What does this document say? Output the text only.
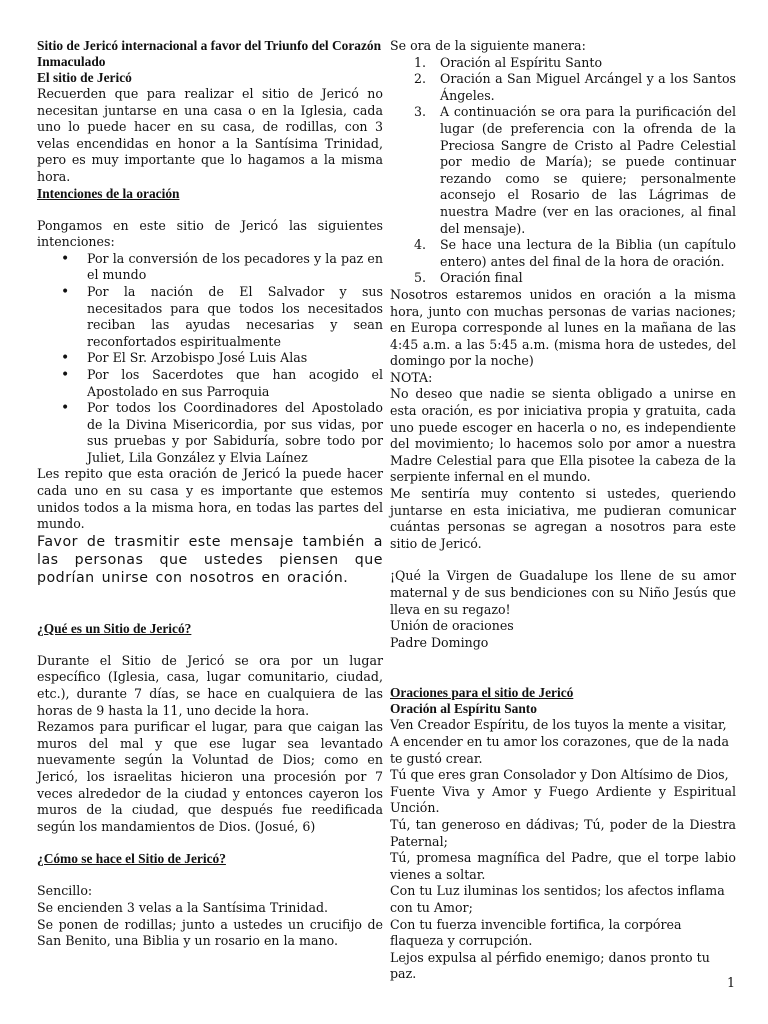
Sitio de Jericó internacional a favor del Triunfo del Corazón Inmaculado

El sitio de Jericó

Recuerden que para realizar el sitio de Jericó no necesitan juntarse en una casa o en la Iglesia, cada uno lo puede hacer en su casa, de rodillas, con 3 velas encendidas en honor a la Santísima Trinidad, pero es muy importante que lo hagamos a la misma hora.

Intenciones de la oración

Pongamos en este sitio de Jericó las siguientes intenciones:

• Por la conversión de los pecadores y la paz en el mundo
• Por la nación de El Salvador y sus necesitados para que todos los necesitados reciban las ayudas necesarias y sean reconfortados espiritualmente
• Por El Sr. Arzobispo José Luis Alas
• Por los Sacerdotes que han acogido el Apostolado en sus Parroquia
• Por todos los Coordinadores del Apostolado de la Divina Misericordia, por sus vidas, por sus pruebas y por Sabiduría, sobre todo por Juliet, Lila González y Elvia Laínez

Les repito que esta oración de Jericó la puede hacer cada uno en su casa y es importante que estemos unidos todos a la misma hora, en todas las partes del mundo.

Favor de trasmitir este mensaje también a las personas que ustedes piensen que podrían unirse con nosotros en oración.

¿Qué es un Sitio de Jericó?

Durante el Sitio de Jericó se ora por un lugar específico (Iglesia, casa, lugar comunitario, ciudad, etc.), durante 7 días, se hace en cualquiera de las horas de 9 hasta la 11, uno decide la hora.

Rezamos para purificar el lugar, para que caigan las muros del mal y que ese lugar sea levantado nuevamente según la Voluntad de Dios; como en Jericó, los israelitas hicieron una procesión por 7 veces alrededor de la ciudad y entonces cayeron los muros de la ciudad, que después fue reedificada según los mandamientos de Dios. (Josué, 6)

¿Cómo se hace el Sitio de Jericó?

Sencillo:

Se encienden 3 velas a la Santísima Trinidad.

Se ponen de rodillas; junto a ustedes un crucifijo de San Benito, una Biblia y un rosario en la mano.

Se ora de la siguiente manera:

1. Oración al Espíritu Santo
2. Oración a San Miguel Arcángel y a los Santos Ángeles.
3. A continuación se ora para la purificación del lugar (de preferencia con la ofrenda de la Preciosa Sangre de Cristo al Padre Celestial por medio de María); se puede continuar rezando como se quiere; personalmente aconsejo el Rosario de las Lágrimas de nuestra Madre (ver en las oraciones, al final del mensaje).
4. Se hace una lectura de la Biblia (un capítulo entero) antes del final de la hora de oración.
5. Oración final

Nosotros estaremos unidos en oración a la misma hora, junto con muchas personas de varias naciones; en Europa corresponde al lunes en la mañana de las 4:45 a.m. a las 5:45 a.m. (misma hora de ustedes, del domingo por la noche)

NOTA:

No deseo que nadie se sienta obligado a unirse en esta oración, es por iniciativa propia y gratuita, cada uno puede escoger en hacerla o no, es independiente del movimiento; lo hacemos solo por amor a nuestra Madre Celestial para que Ella pisotee la cabeza de la serpiente infernal en el mundo.

Me sentiría muy contento si ustedes, queriendo juntarse en esta iniciativa, me pudieran comunicar cuántas personas se agregan a nosotros para este sitio de Jericó.

¡Qué la Virgen de Guadalupe los llene de su amor maternal y de sus bendiciones con su Niño Jesús que lleva en su regazo!

Unión de oraciones

Padre Domingo

Oraciones para el sitio de Jericó

Oración al Espíritu Santo

Ven Creador Espíritu, de los tuyos la mente a visitar,

A encender en tu amor los corazones, que de la nada te gustó crear.

Tú que eres gran Consolador y Don Altísimo de Dios,

Fuente Viva y Amor y Fuego Ardiente y Espiritual Unción.

Tú, tan generoso en dádivas; Tú, poder de la Diestra Paternal;

Tú, promesa magnífica del Padre, que el torpe labio vienes a soltar.

Con tu Luz iluminas los sentidos; los afectos inflama con tu Amor;

Con tu fuerza invencible fortifica, la corpórea flaqueza y corrupción.

Lejos expulsa al pérfido enemigo; danos pronto tu paz.

1
